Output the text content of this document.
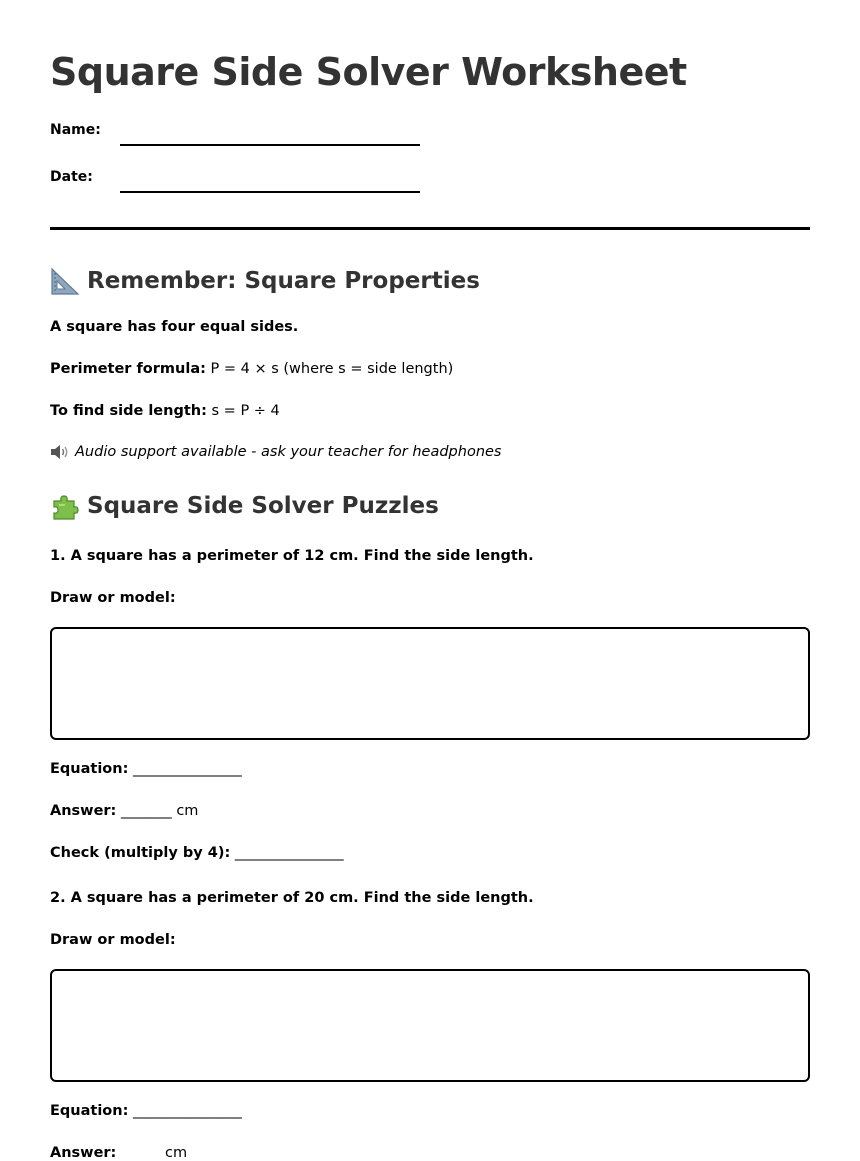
Square Side Solver Worksheet
Name:
Date:
Remember: Square Properties
A square has four equal sides.
Perimeter formula: P = 4 × s (where s = side length)
To find side length: s = P ÷ 4
Audio support available - ask your teacher for headphones
Square Side Solver Puzzles
1. A square has a perimeter of 12 cm. Find the side length.
Draw or model:
Equation: _______________
Answer: _______ cm
Check (multiply by 4): _______________
2. A square has a perimeter of 20 cm. Find the side length.
Draw or model:
Equation: _______________
Answer:	cm
